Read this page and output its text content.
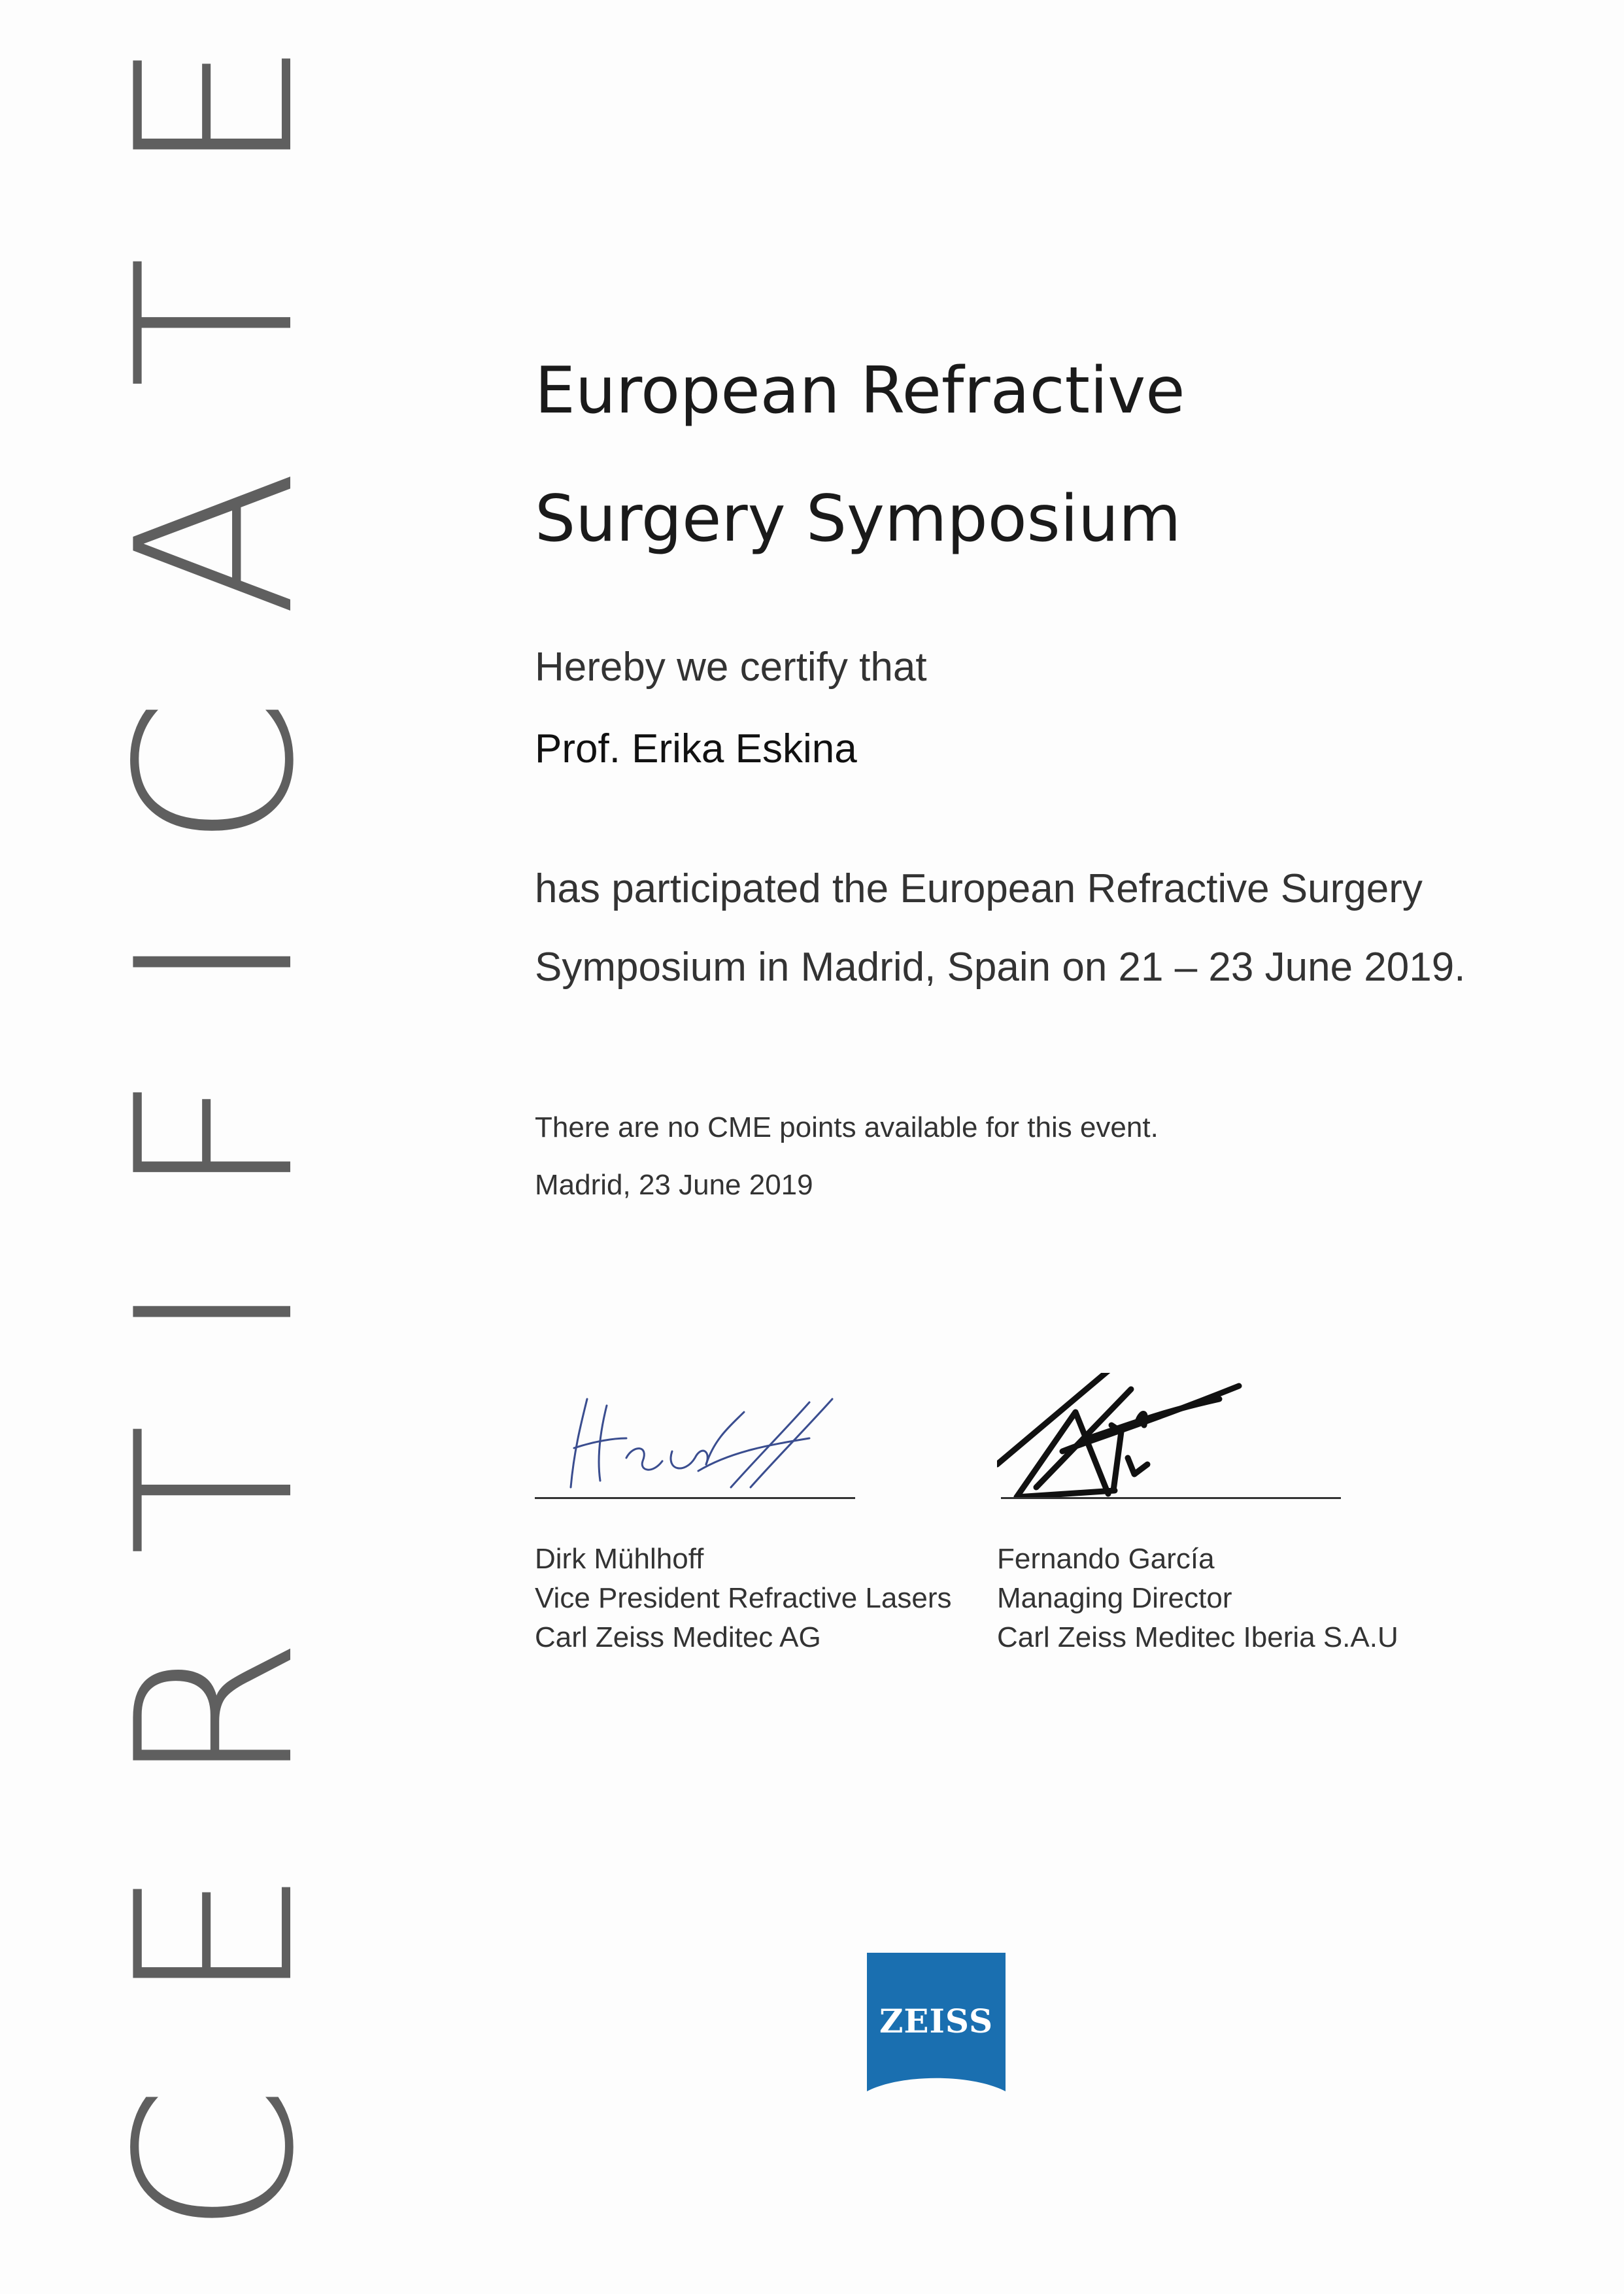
C
E
R
T
I
F
I
C
A
T
E
European Refractive
Surgery Symposium
Hereby we certify that
Prof. Erika Eskina
has participated the European Refractive Surgery
Symposium in Madrid, Spain on 21 – 23 June 2019.
There are no CME points available for this event.
Madrid, 23 June 2019
Dirk Mühlhoff
Vice President Refractive Lasers
Carl Zeiss Meditec AG
Fernando García
Managing Director
Carl Zeiss Meditec Iberia S.A.U
ZEISS
